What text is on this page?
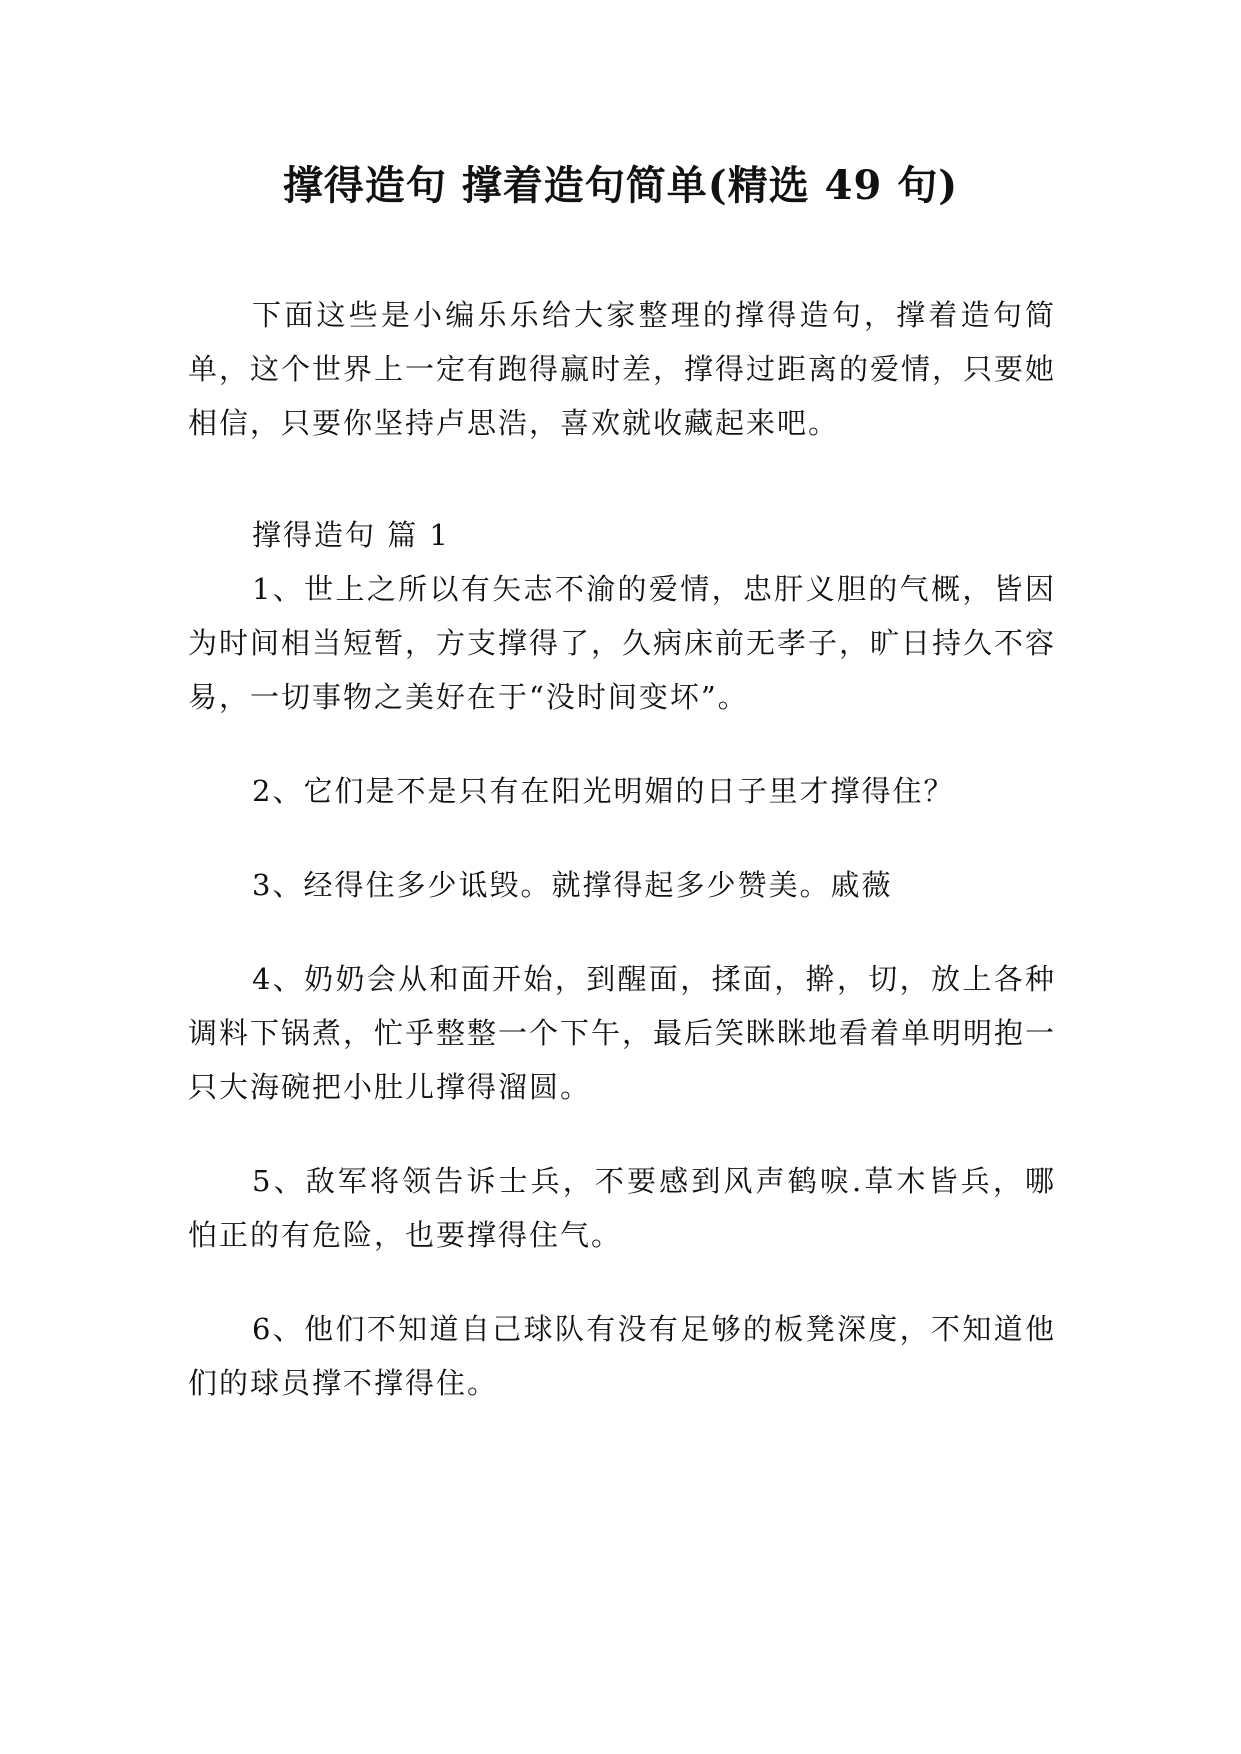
撑得造句 撑着造句简单(精选 49 句)

下面这些是小编乐乐给大家整理的撑得造句，撑着造句简单，这个世界上一定有跑得赢时差，撑得过距离的爱情，只要她相信，只要你坚持卢思浩，喜欢就收藏起来吧。

撑得造句 篇 1

1、世上之所以有矢志不渝的爱情，忠肝义胆的气概，皆因为时间相当短暂，方支撑得了，久病床前无孝子，旷日持久不容易，一切事物之美好在于“没时间变坏”。

2、它们是不是只有在阳光明媚的日子里才撑得住？

3、经得住多少诋毁。就撑得起多少赞美。戚薇

4、奶奶会从和面开始，到醒面，揉面，擀，切，放上各种调料下锅煮，忙乎整整一个下午，最后笑眯眯地看着单明明抱一只大海碗把小肚儿撑得溜圆。

5、敌军将领告诉士兵，不要感到风声鹤唳.草木皆兵，哪怕正的有危险，也要撑得住气。

6、他们不知道自己球队有没有足够的板凳深度，不知道他们的球员撑不撑得住。
